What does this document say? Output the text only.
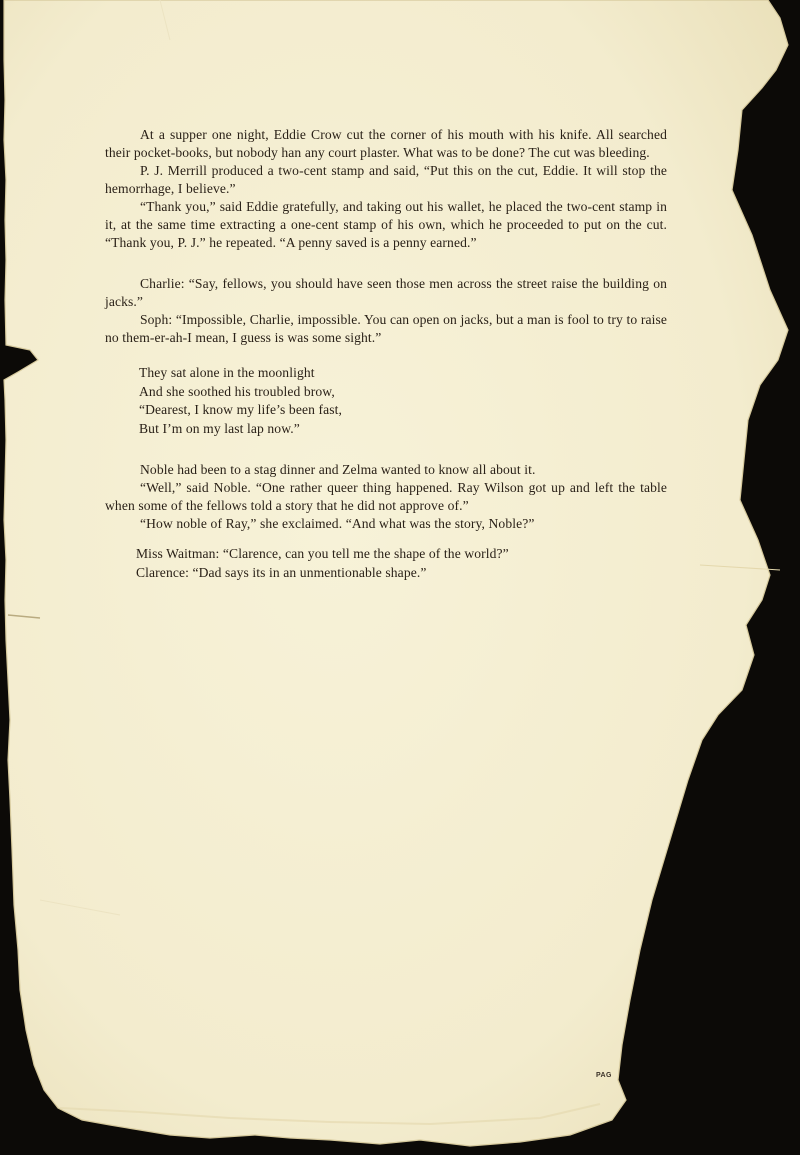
At a supper one night, Eddie Crow cut the corner of his mouth with his knife. All searched their pocket-books, but nobody han any court plaster. What was to be done? The cut was bleeding.

P. J. Merrill produced a two-cent stamp and said, “Put this on the cut, Eddie. It will stop the hemorrhage, I believe.”

“Thank you,” said Eddie gratefully, and taking out his wallet, he placed the two-cent stamp in it, at the same time extracting a one-cent stamp of his own, which he proceeded to put on the cut. “Thank you, P. J.” he repeated. “A penny saved is a penny earned.”

Charlie: “Say, fellows, you should have seen those men across the street raise the building on jacks.”

Soph: “Impossible, Charlie, impossible. You can open on jacks, but a man is fool to try to raise no them-er-ah-I mean, I guess is was some sight.”

They sat alone in the moonlight

And she soothed his troubled brow,

“Dearest, I know my life’s been fast,

But I’m on my last lap now.”

Noble had been to a stag dinner and Zelma wanted to know all about it.

“Well,” said Noble. “One rather queer thing happened. Ray Wilson got up and left the table when some of the fellows told a story that he did not approve of.”

“How noble of Ray,” she exclaimed. “And what was the story, Noble?”

Miss Waitman: “Clarence, can you tell me the shape of the world?”

Clarence: “Dad says its in an unmentionable shape.”

PAG
